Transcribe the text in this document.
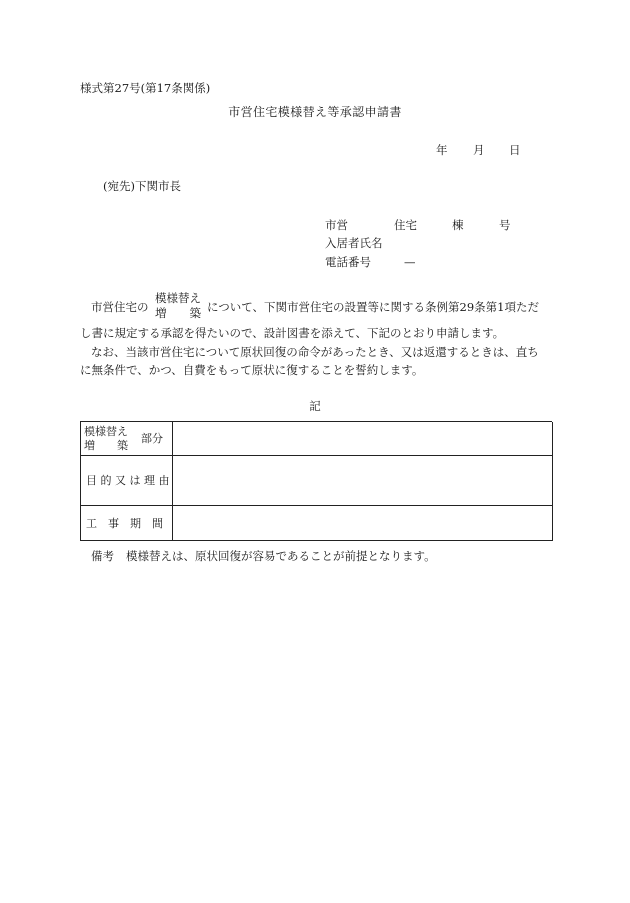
様式第27号(第17条関係)
市営住宅模様替え等承認申請書
年 月 日
(宛先)下関市長
市営	住宅	棟	号
入居者氏名
電話番号	—
市営住宅の
模様替え
増　　築 について、下関市営住宅の設置等に関する条例第29条第1項ただ
し書に規定する承認を得たいので、設計図書を添えて、下記のとおり申請します。
なお、当該市営住宅について原状回復の命令があったとき、又は返還するときは、直ち
に無条件で、かつ、自費をもって原状に復することを誓約します。
記
模様替え
増　　築 部分
目 的 又 は 理 由
工　事　期　間
備考 模様替えは、原状回復が容易であることが前提となります。
